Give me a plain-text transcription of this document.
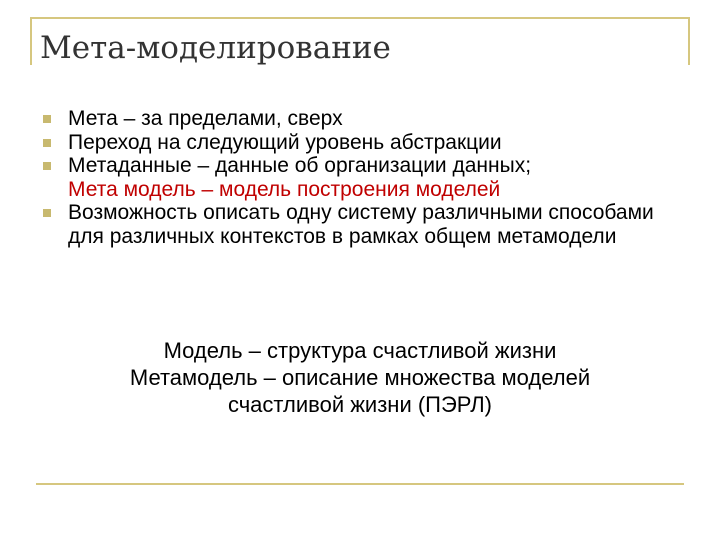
Мета-моделирование
Мета – за пределами, сверх
Переход на следующий уровень абстракции
Метаданные – данные об организации данных;
Мета модель – модель построения моделей
Возможность описать одну систему различными способами для различных контекстов в рамках общем метамодели

Модель – структура счастливой жизни
Метамодель – описание множества моделей
счастливой жизни (ПЭРЛ)
